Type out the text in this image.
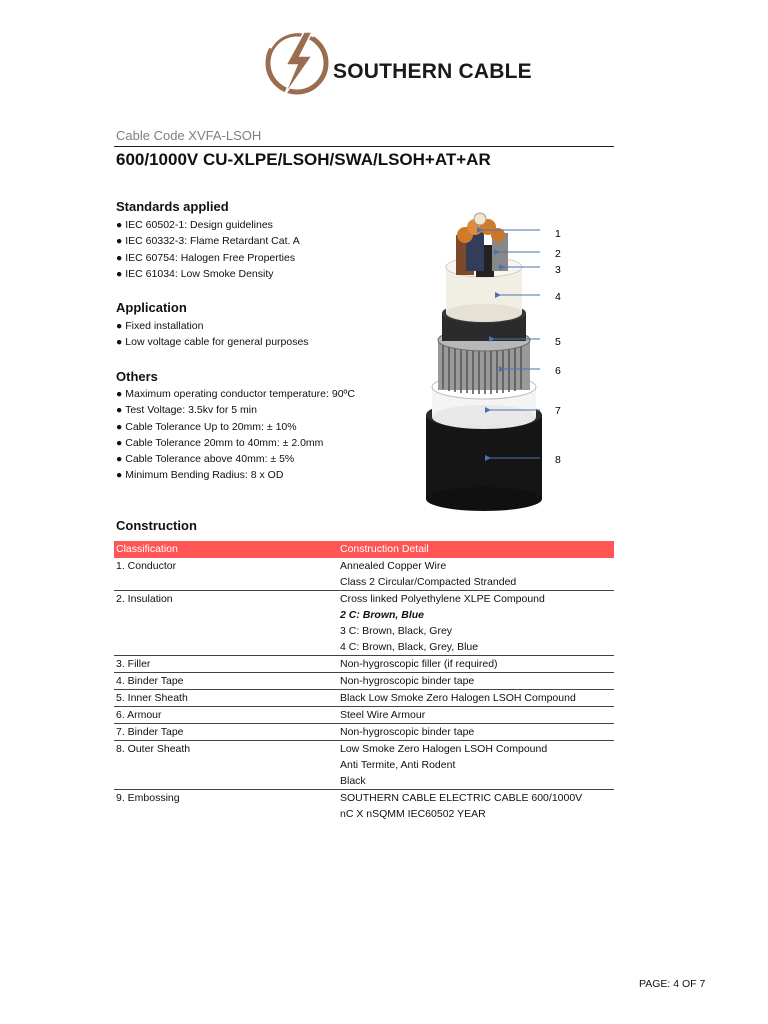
SOUTHERN CABLE
Cable Code XVFA-LSOH
600/1000V CU-XLPE/LSOH/SWA/LSOH+AT+AR
Standards applied
● IEC 60502-1: Design guidelines
● IEC 60332-3: Flame Retardant Cat. A
● IEC 60754: Halogen Free Properties
● IEC 61034: Low Smoke Density
Application
● Fixed installation
● Low voltage cable for general purposes
Others
● Maximum operating conductor temperature: 90ºC
● Test Voltage: 3.5kv for 5 min
● Cable Tolerance Up to 20mm: ± 10%
● Cable Tolerance 20mm to 40mm: ± 2.0mm
● Cable Tolerance above 40mm: ± 5%
● Minimum Bending Radius: 8 x OD
1
2
3
4
5
6
7
8
Construction
Classification	Construction Detail
1. Conductor	Annealed Copper Wire
	Class 2 Circular/Compacted Stranded
2. Insulation	Cross linked Polyethylene XLPE Compound
	2 C: Brown, Blue
	3 C: Brown, Black, Grey
	4 C: Brown, Black, Grey, Blue
3. Filler	Non-hygroscopic filler (if required)
4. Binder Tape	Non-hygroscopic binder tape
5. Inner Sheath	Black Low Smoke Zero Halogen LSOH Compound
6. Armour	Steel Wire Armour
7. Binder Tape	Non-hygroscopic binder tape
8. Outer Sheath	Low Smoke Zero Halogen LSOH Compound
	Anti Termite, Anti Rodent
	Black
9. Embossing	SOUTHERN CABLE ELECTRIC CABLE 600/1000V
	nC X nSQMM IEC60502 YEAR
PAGE: 4 OF 7
